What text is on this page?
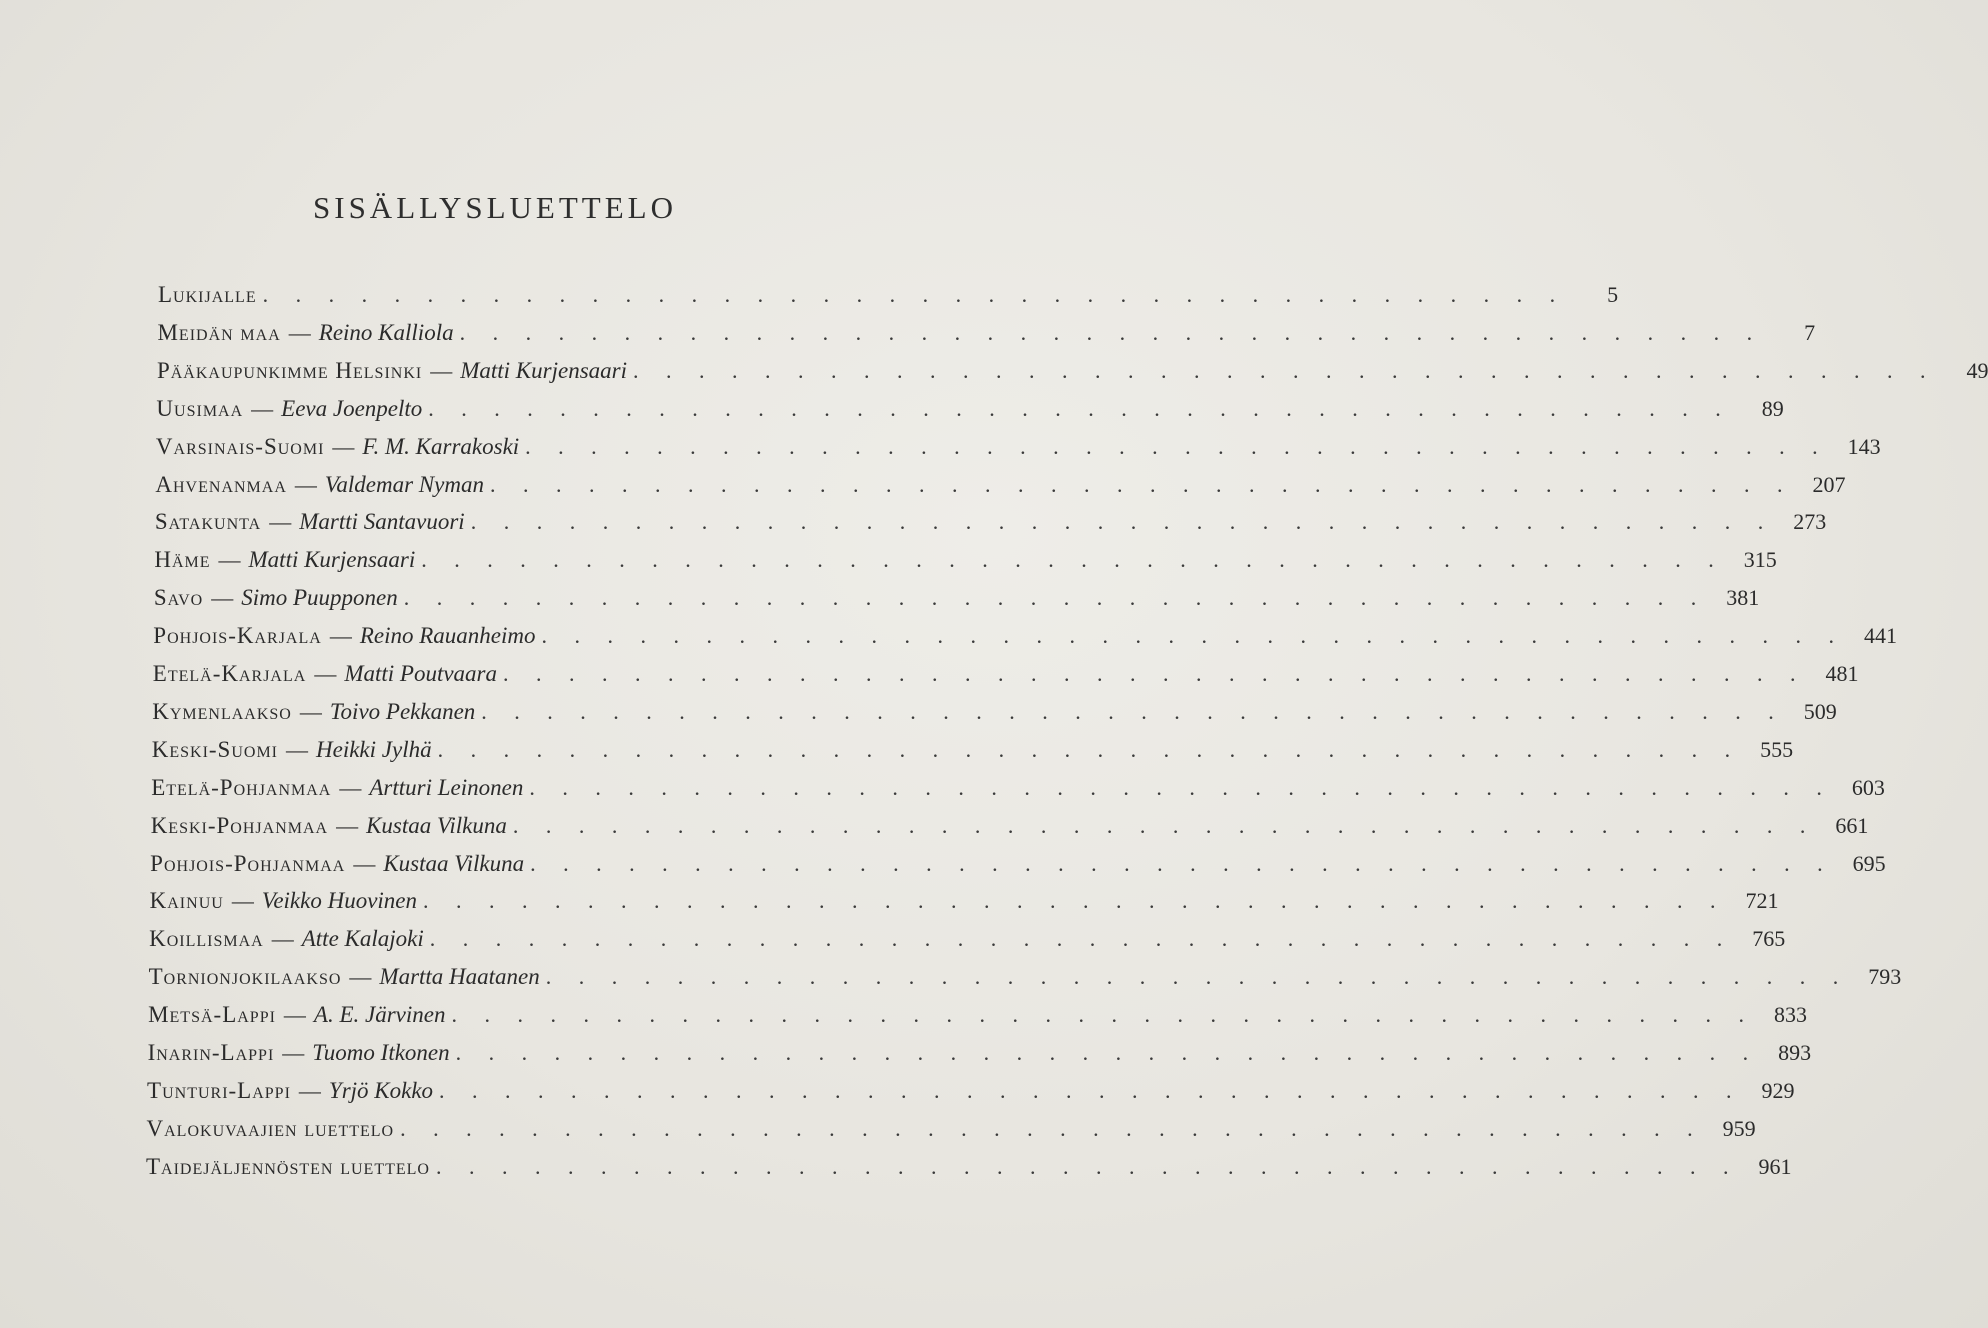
SISÄLLYSLUETTELO
Lukijalle . . . . . . . . . . . . . . . . . . . . . . . . . . . . . . . . . . . . . . . .	5
Meidän maa — Reino Kalliola . . . . . . . . . . . . . . . . . . . . . . . . . . . . . . . . . . . . . . . .	7
Pääkaupunkimme Helsinki — Matti Kurjensaari . . . . . . . . . . . . . . . . . . . . . . . . . . . . . . . . . . . . . . . .	49
Uusimaa — Eeva Joenpelto . . . . . . . . . . . . . . . . . . . . . . . . . . . . . . . . . . . . . . . .	89
Varsinais-Suomi — F. M. Karrakoski . . . . . . . . . . . . . . . . . . . . . . . . . . . . . . . . . . . . . . . . 143
Ahvenanmaa — Valdemar Nyman . . . . . . . . . . . . . . . . . . . . . . . . . . . . . . . . . . . . . . . . 207
Satakunta — Martti Santavuori . . . . . . . . . . . . . . . . . . . . . . . . . . . . . . . . . . . . . . . . 273
Häme — Matti Kurjensaari . . . . . . . . . . . . . . . . . . . . . . . . . . . . . . . . . . . . . . . . 315
Savo — Simo Puupponen . . . . . . . . . . . . . . . . . . . . . . . . . . . . . . . . . . . . . . . . 381
Pohjois-Karjala — Reino Rauanheimo . . . . . . . . . . . . . . . . . . . . . . . . . . . . . . . . . . . . . . . . 441
Etelä-Karjala — Matti Poutvaara . . . . . . . . . . . . . . . . . . . . . . . . . . . . . . . . . . . . . . . . 481
Kymenlaakso — Toivo Pekkanen . . . . . . . . . . . . . . . . . . . . . . . . . . . . . . . . . . . . . . . . 509
Keski-Suomi — Heikki Jylhä . . . . . . . . . . . . . . . . . . . . . . . . . . . . . . . . . . . . . . . . 555
Etelä-Pohjanmaa — Artturi Leinonen . . . . . . . . . . . . . . . . . . . . . . . . . . . . . . . . . . . . . . . . 603
Keski-Pohjanmaa — Kustaa Vilkuna . . . . . . . . . . . . . . . . . . . . . . . . . . . . . . . . . . . . . . . . 661
Pohjois-Pohjanmaa — Kustaa Vilkuna . . . . . . . . . . . . . . . . . . . . . . . . . . . . . . . . . . . . . . . . 695
Kainuu — Veikko Huovinen . . . . . . . . . . . . . . . . . . . . . . . . . . . . . . . . . . . . . . . . 721
Koillismaa — Atte Kalajoki . . . . . . . . . . . . . . . . . . . . . . . . . . . . . . . . . . . . . . . . 765
Tornionjokilaakso — Martta Haatanen . . . . . . . . . . . . . . . . . . . . . . . . . . . . . . . . . . . . . . . . 793
Metsä-Lappi — A. E. Järvinen . . . . . . . . . . . . . . . . . . . . . . . . . . . . . . . . . . . . . . . . 833
Inarin-Lappi — Tuomo Itkonen . . . . . . . . . . . . . . . . . . . . . . . . . . . . . . . . . . . . . . . . 893
Tunturi-Lappi — Yrjö Kokko . . . . . . . . . . . . . . . . . . . . . . . . . . . . . . . . . . . . . . . . 929
Valokuvaajien luettelo . . . . . . . . . . . . . . . . . . . . . . . . . . . . . . . . . . . . . . . . 959
Taidejäljennösten luettelo . . . . . . . . . . . . . . . . . . . . . . . . . . . . . . . . . . . . . . . . 961
